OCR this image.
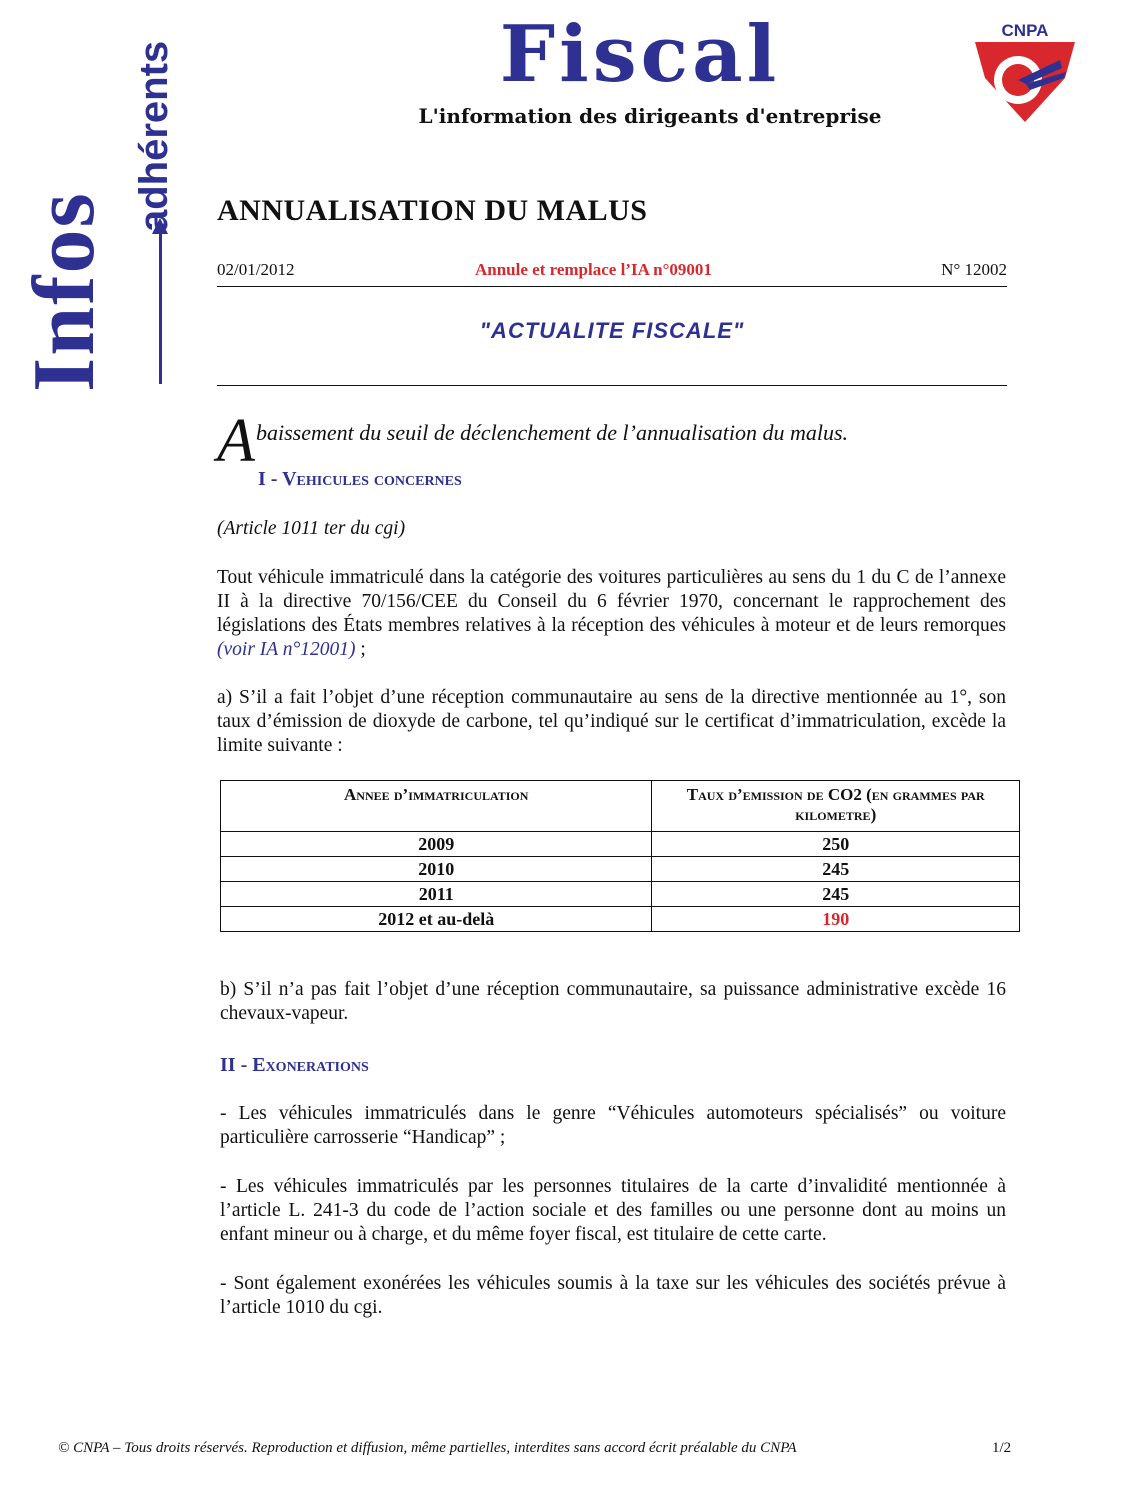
Infos
adhérents	Fiscal
L'information des dirigeants d'entreprise
CNPA
ANNUALISATION DU MALUS
02/01/2012	Annule et remplace l’IA n°09001	N° 12002
"ACTUALITE FISCALE"
A baissement du seuil de déclenchement de l’annualisation du malus.
I - Vehicules concernes
(Article 1011 ter du cgi)
Tout véhicule immatriculé dans la catégorie des voitures particulières au sens du 1 du C de l’annexe II à la directive 70/156/CEE du Conseil du 6 février 1970, concernant le rapprochement des législations des États membres relatives à la réception des véhicules à moteur et de leurs remorques (voir IA n°12001) ;
a) S’il a fait l’objet d’une réception communautaire au sens de la directive mentionnée au 1°, son taux d’émission de dioxyde de carbone, tel qu’indiqué sur le certificat d’immatriculation, excède la limite suivante :
Annee d’immatriculation	Taux d’emission de CO2 (en grammes par kilometre)
2009	250
2010	245
2011	245
2012 et au-delà	190
b) S’il n’a pas fait l’objet d’une réception communautaire, sa puissance administrative excède 16 chevaux-vapeur.
II - Exonerations
- Les véhicules immatriculés dans le genre “Véhicules automoteurs spécialisés” ou voiture particulière carrosserie “Handicap” ;
- Les véhicules immatriculés par les personnes titulaires de la carte d’invalidité mentionnée à l’article L. 241-3 du code de l’action sociale et des familles ou une personne dont au moins un enfant mineur ou à charge, et du même foyer fiscal, est titulaire de cette carte.
- Sont également exonérées les véhicules soumis à la taxe sur les véhicules des sociétés prévue à l’article 1010 du cgi.
© CNPA – Tous droits réservés. Reproduction et diffusion, même partielles, interdites sans accord écrit préalable du CNPA	1/2
